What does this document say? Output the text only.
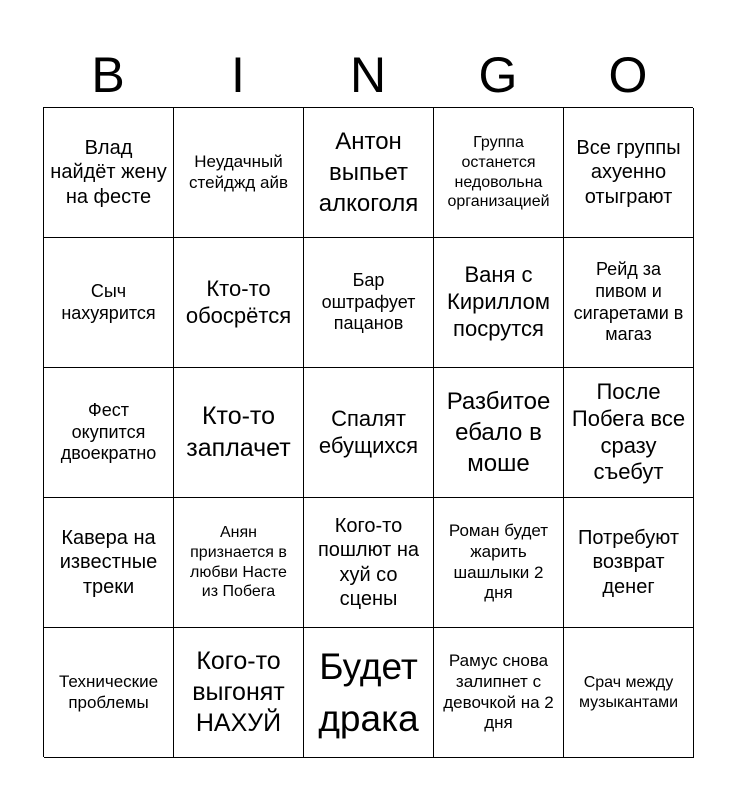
B	I	N	G	O
Влад найдёт жену на фесте
Неудачный стейджд айв
Антон выпьет алкоголя
Группа останется недовольна организацией
Все группы ахуенно отыграют
Сыч нахуярится
Кто-то обосрётся
Бар оштрафует пацанов
Ваня с Кириллом посрутся
Рейд за пивом и сигаретами в магаз
Фест окупится двоекратно
Кто-то заплачет
Спалят ебущихся
Разбитое ебало в моше
После Побега все сразу съебут
Кавера на известные треки
Анян признается в любви Насте из Побега
Кого-то пошлют на хуй со сцены
Роман будет жарить шашлыки 2 дня
Потребуют возврат денег
Технические проблемы
Кого-то выгонят НАХУЙ
Будет драка
Рамус снова залипнет с девочкой на 2 дня
Срач между музыкантами
